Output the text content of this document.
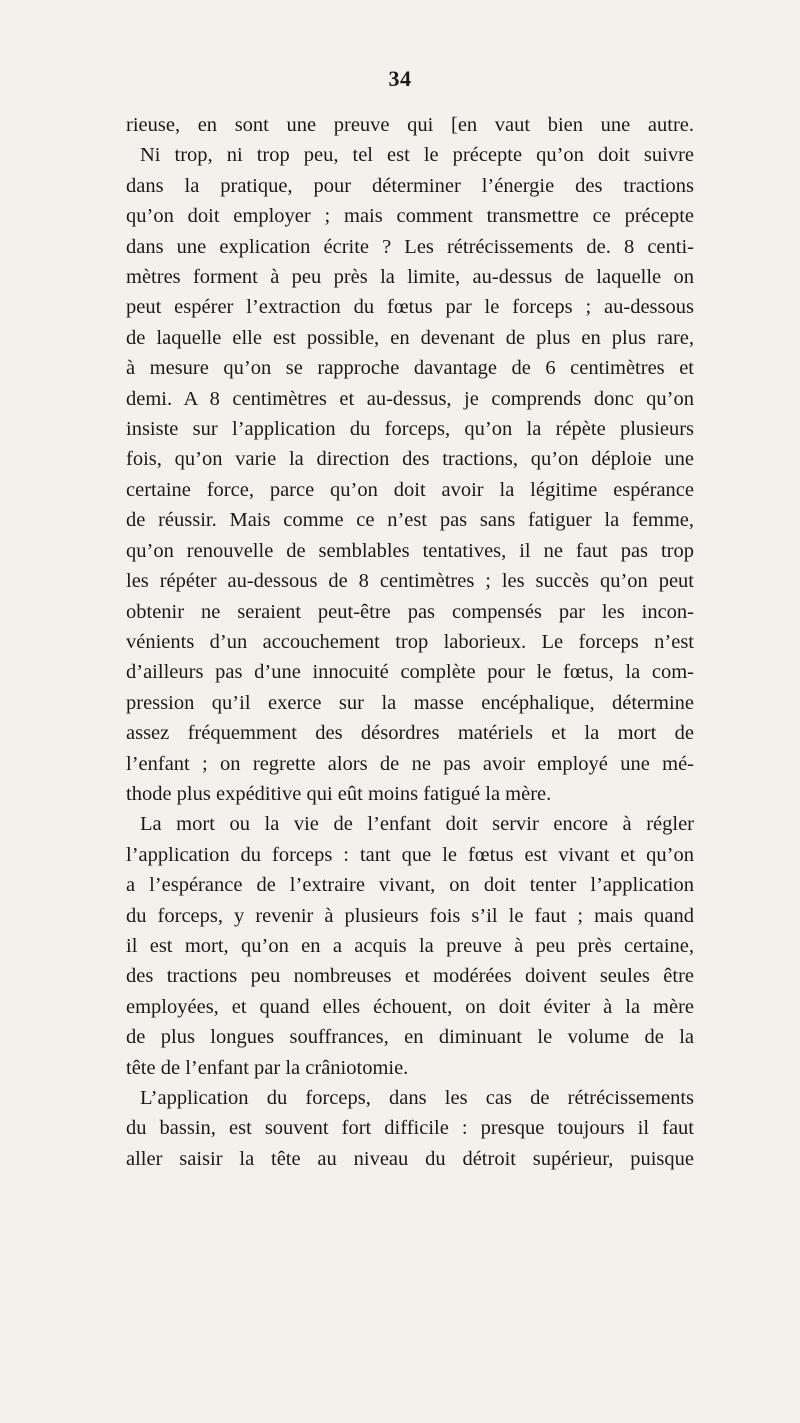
34
rieuse, en sont une preuve qui [en vaut bien une autre.
Ni trop, ni trop peu, tel est le précepte qu’on doit suivre
dans la pratique, pour déterminer l’énergie des tractions
qu’on doit employer ; mais comment transmettre ce précepte
dans une explication écrite ? Les rétrécissements de. 8 centi-
mètres forment à peu près la limite, au-dessus de laquelle on
peut espérer l’extraction du fœtus par le forceps ; au-dessous
de laquelle elle est possible, en devenant de plus en plus rare,
à mesure qu’on se rapproche davantage de 6 centimètres et
demi. A 8 centimètres et au-dessus, je comprends donc qu’on
insiste sur l’application du forceps, qu’on la répète plusieurs
fois, qu’on varie la direction des tractions, qu’on déploie une
certaine force, parce qu’on doit avoir la légitime espérance
de réussir. Mais comme ce n’est pas sans fatiguer la femme,
qu’on renouvelle de semblables tentatives, il ne faut pas trop
les répéter au-dessous de 8 centimètres ; les succès qu’on peut
obtenir ne seraient peut-être pas compensés par les incon-
vénients d’un accouchement trop laborieux. Le forceps n’est
d’ailleurs pas d’une innocuité complète pour le fœtus, la com-
pression qu’il exerce sur la masse encéphalique, détermine
assez fréquemment des désordres matériels et la mort de
l’enfant ; on regrette alors de ne pas avoir employé une mé-
thode plus expéditive qui eût moins fatigué la mère.
La mort ou la vie de l’enfant doit servir encore à régler
l’application du forceps : tant que le fœtus est vivant et qu’on
a l’espérance de l’extraire vivant, on doit tenter l’application
du forceps, y revenir à plusieurs fois s’il le faut ; mais quand
il est mort, qu’on en a acquis la preuve à peu près certaine,
des tractions peu nombreuses et modérées doivent seules être
employées, et quand elles échouent, on doit éviter à la mère
de plus longues souffrances, en diminuant le volume de la
tête de l’enfant par la crâniotomie.
L’application du forceps, dans les cas de rétrécissements
du bassin, est souvent fort difficile : presque toujours il faut
aller saisir la tête au niveau du détroit supérieur, puisque
